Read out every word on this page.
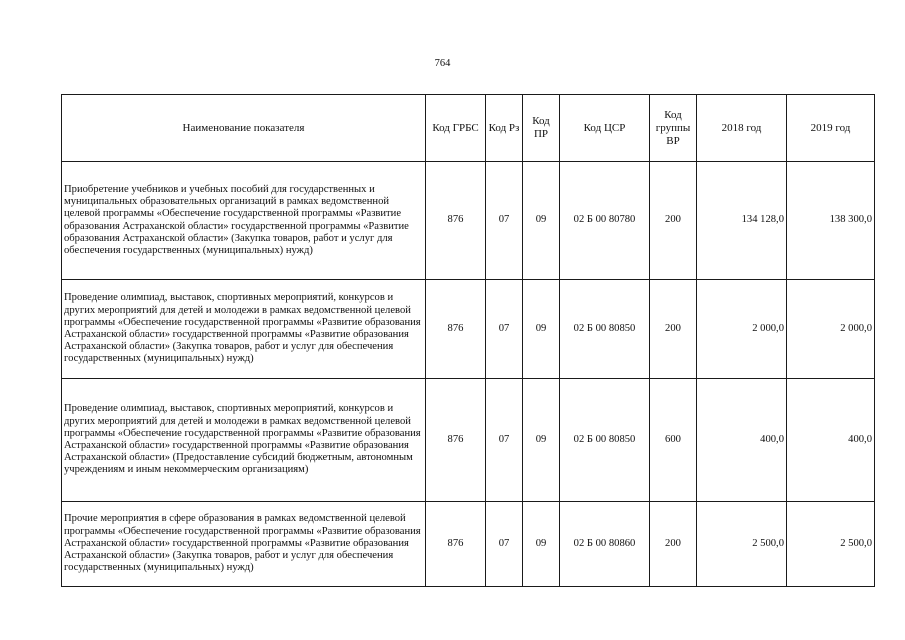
764
Наименование показателя	Код ГРБС	Код Рз	Код ПР	Код ЦСР	Код группы ВР	2018 год	2019 год
Приобретение учебников и учебных пособий для государственных и муниципальных образовательных организаций в рамках ведомственной целевой программы «Обеспечение государственной программы «Развитие образования Астраханской области» государственной программы «Развитие образования Астраханской области» (Закупка товаров, работ и услуг для обеспечения государственных (муниципальных) нужд)	876	07	09	02 Б 00 80780	200	134 128,0	138 300,0
Проведение олимпиад, выставок, спортивных мероприятий, конкурсов и других мероприятий для детей и молодежи в рамках ведомственной целевой программы «Обеспечение государственной программы «Развитие образования Астраханской области» государственной программы «Развитие образования Астраханской области» (Закупка товаров, работ и услуг для обеспечения государственных (муниципальных) нужд)	876	07	09	02 Б 00 80850	200	2 000,0	2 000,0
Проведение олимпиад, выставок, спортивных мероприятий, конкурсов и других мероприятий для детей и молодежи в рамках ведомственной целевой программы «Обеспечение государственной программы «Развитие образования Астраханской области» государственной программы «Развитие образования Астраханской области» (Предоставление субсидий бюджетным, автономным учреждениям и иным некоммерческим организациям)	876	07	09	02 Б 00 80850	600	400,0	400,0
Прочие мероприятия в сфере образования в рамках ведомственной целевой программы «Обеспечение государственной программы «Развитие образования Астраханской области» государственной программы «Развитие образования Астраханской области» (Закупка товаров, работ и услуг для обеспечения государственных (муниципальных) нужд)	876	07	09	02 Б 00 80860	200	2 500,0	2 500,0
